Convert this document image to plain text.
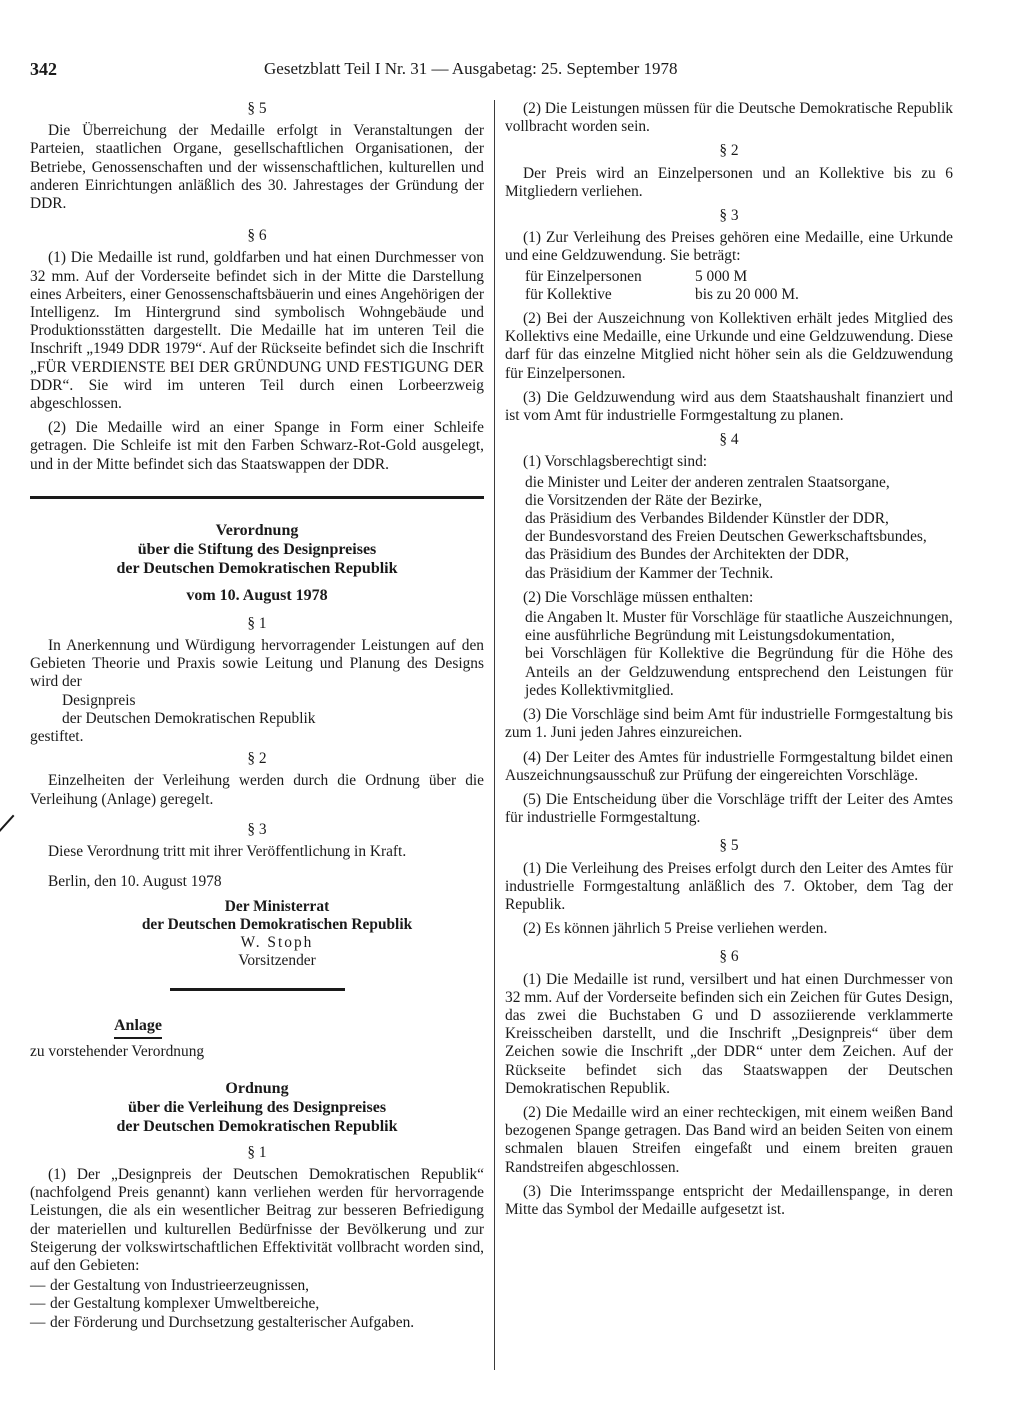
342	Gesetzblatt Teil I Nr. 31 — Ausgabetag: 25. September 1978
§ 5

Die Überreichung der Medaille erfolgt in Veranstaltungen der Parteien, staatlichen Organe, gesellschaftlichen Organisationen, der Betriebe, Genossenschaften und der wissenschaftlichen, kulturellen und anderen Einrichtungen anläßlich des 30. Jahrestages der Gründung der DDR.

§ 6

(1) Die Medaille ist rund, goldfarben und hat einen Durchmesser von 32 mm. Auf der Vorderseite befindet sich in der Mitte die Darstellung eines Arbeiters, einer Genossenschaftsbäuerin und eines Angehörigen der Intelligenz. Im Hintergrund sind symbolisch Wohngebäude und Produktionsstätten dargestellt. Die Medaille hat im unteren Teil die Inschrift „1949 DDR 1979“. Auf der Rückseite befindet sich die Inschrift „FÜR VERDIENSTE BEI DER GRÜNDUNG UND FESTIGUNG DER DDR“. Sie wird im unteren Teil durch einen Lorbeerzweig abgeschlossen.

(2) Die Medaille wird an einer Spange in Form einer Schleife getragen. Die Schleife ist mit den Farben Schwarz-Rot-Gold ausgelegt, und in der Mitte befindet sich das Staatswappen der DDR.

Verordnung
über die Stiftung des Designpreises
der Deutschen Demokratischen Republik
vom 10. August 1978
§ 1

In Anerkennung und Würdigung hervorragender Leistungen auf den Gebieten Theorie und Praxis sowie Leitung und Planung des Designs wird der

Designpreis
der Deutschen Demokratischen Republik
gestiftet.
§ 2

Einzelheiten der Verleihung werden durch die Ordnung über die Verleihung (Anlage) geregelt.

§ 3

Diese Verordnung tritt mit ihrer Veröffentlichung in Kraft.

Berlin, den 10. August 1978

Der Ministerrat
der Deutschen Demokratischen Republik
W. Stoph
Vorsitzender
Anlage
zu vorstehender Verordnung
Ordnung
über die Verleihung des Designpreises
der Deutschen Demokratischen Republik
§ 1

(1) Der „Designpreis der Deutschen Demokratischen Republik“ (nachfolgend Preis genannt) kann verliehen werden für hervorragende Leistungen, die als ein wesentlicher Beitrag zur besseren Befriedigung der materiellen und kulturellen Bedürfnisse der Bevölkerung und zur Steigerung der volkswirtschaftlichen Effektivität vollbracht worden sind, auf den Gebieten:

— der Gestaltung von Industrieerzeugnissen,
— der Gestaltung komplexer Umweltbereiche,
— der Förderung und Durchsetzung gestalterischer Aufgaben.

(2) Die Leistungen müssen für die Deutsche Demokratische Republik vollbracht worden sein.

§ 2

Der Preis wird an Einzelpersonen und an Kollektive bis zu 6 Mitgliedern verliehen.

§ 3

(1) Zur Verleihung des Preises gehören eine Medaille, eine Urkunde und eine Geldzuwendung. Sie beträgt:

für Einzelpersonen	5 000 M
für Kollektive	bis zu 20 000 M.

(2) Bei der Auszeichnung von Kollektiven erhält jedes Mitglied des Kollektivs eine Medaille, eine Urkunde und eine Geldzuwendung. Diese darf für das einzelne Mitglied nicht höher sein als die Geldzuwendung für Einzelpersonen.

(3) Die Geldzuwendung wird aus dem Staatshaushalt finanziert und ist vom Amt für industrielle Formgestaltung zu planen.

§ 4

(1) Vorschlagsberechtigt sind:

die Minister und Leiter der anderen zentralen Staatsorgane,
die Vorsitzenden der Räte der Bezirke,
das Präsidium des Verbandes Bildender Künstler der DDR,
der Bundesvorstand des Freien Deutschen Gewerkschaftsbundes,
das Präsidium des Bundes der Architekten der DDR,
das Präsidium der Kammer der Technik.

(2) Die Vorschläge müssen enthalten:

die Angaben lt. Muster für Vorschläge für staatliche Auszeichnungen,
eine ausführliche Begründung mit Leistungsdokumentation,
bei Vorschlägen für Kollektive die Begründung für die Höhe des Anteils an der Geldzuwendung entsprechend den Leistungen für jedes Kollektivmitglied.

(3) Die Vorschläge sind beim Amt für industrielle Formgestaltung bis zum 1. Juni jeden Jahres einzureichen.

(4) Der Leiter des Amtes für industrielle Formgestaltung bildet einen Auszeichnungsausschuß zur Prüfung der eingereichten Vorschläge.

(5) Die Entscheidung über die Vorschläge trifft der Leiter des Amtes für industrielle Formgestaltung.

§ 5

(1) Die Verleihung des Preises erfolgt durch den Leiter des Amtes für industrielle Formgestaltung anläßlich des 7. Oktober, dem Tag der Republik.

(2) Es können jährlich 5 Preise verliehen werden.

§ 6

(1) Die Medaille ist rund, versilbert und hat einen Durchmesser von 32 mm. Auf der Vorderseite befinden sich ein Zeichen für Gutes Design, das zwei die Buchstaben G und D assoziierende verklammerte Kreisscheiben darstellt, und die Inschrift „Designpreis“ über dem Zeichen sowie die Inschrift „der DDR“ unter dem Zeichen. Auf der Rückseite befindet sich das Staatswappen der Deutschen Demokratischen Republik.

(2) Die Medaille wird an einer rechteckigen, mit einem weißen Band bezogenen Spange getragen. Das Band wird an beiden Seiten von einem schmalen blauen Streifen eingefaßt und einem breiten grauen Randstreifen abgeschlossen.

(3) Die Interimsspange entspricht der Medaillenspange, in deren Mitte das Symbol der Medaille aufgesetzt ist.
